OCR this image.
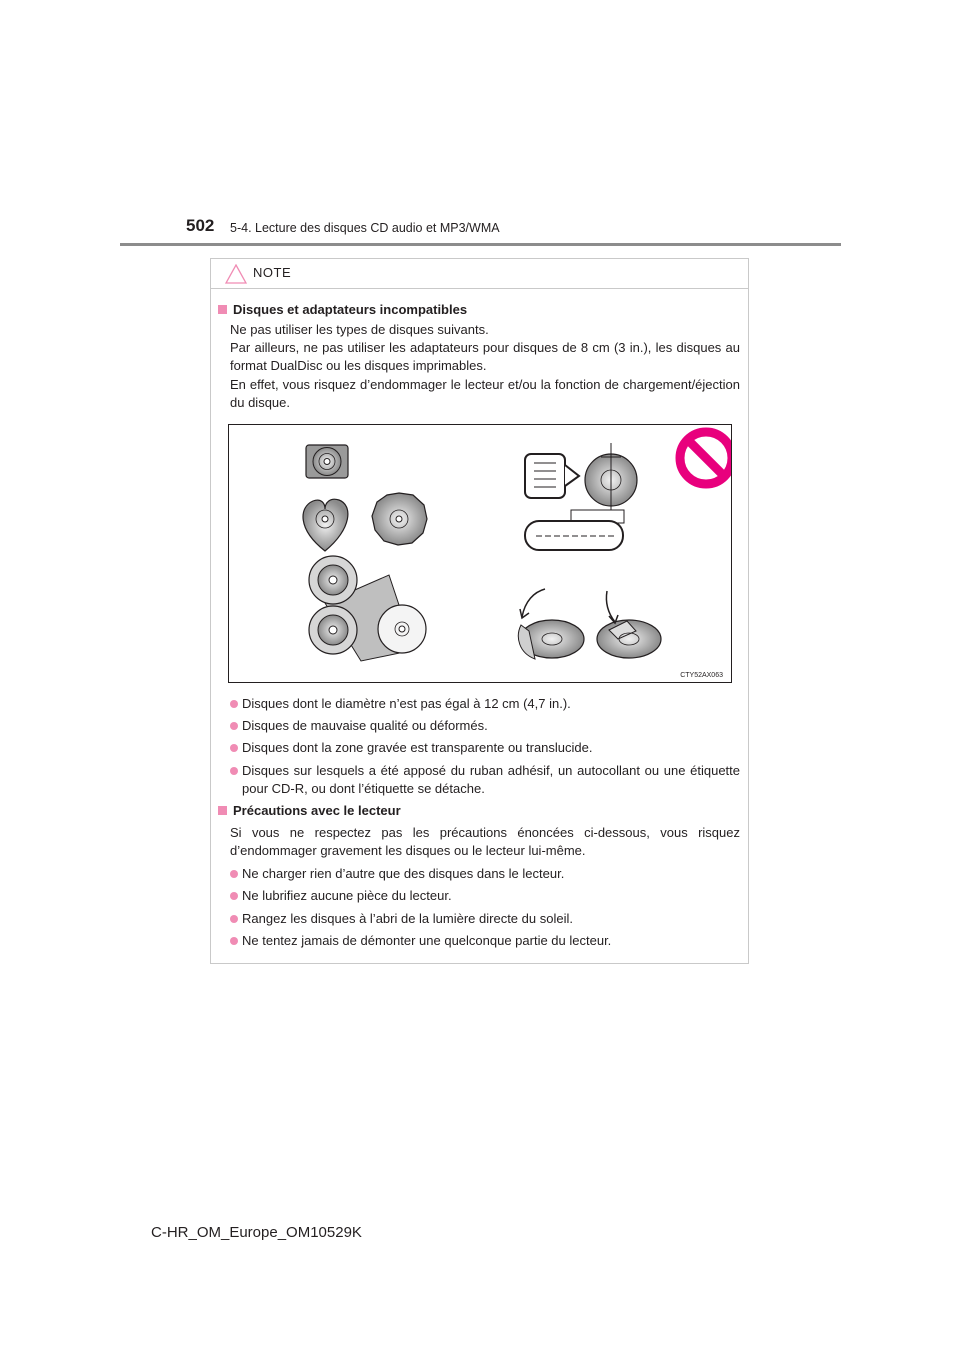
502 5-4. Lecture des disques CD audio et MP3/WMA
NOTE
Disques et adaptateurs incompatibles
Ne pas utiliser les types de disques suivants.
Par ailleurs, ne pas utiliser les adaptateurs pour disques de 8 cm (3 in.), les disques au format DualDisc ou les disques imprimables.
En effet, vous risquez d’endommager le lecteur et/ou la fonction de chargement/éjection du disque.
CTY52AX063
Disques dont le diamètre n’est pas égal à 12 cm (4,7 in.).
Disques de mauvaise qualité ou déformés.
Disques dont la zone gravée est transparente ou translucide.
Disques sur lesquels a été apposé du ruban adhésif, un autocollant ou une étiquette pour CD-R, ou dont l’étiquette se détache.
Précautions avec le lecteur
Si vous ne respectez pas les précautions énoncées ci-dessous, vous risquez d’endommager gravement les disques ou le lecteur lui-même.
Ne charger rien d’autre que des disques dans le lecteur.
Ne lubrifiez aucune pièce du lecteur.
Rangez les disques à l’abri de la lumière directe du soleil.
Ne tentez jamais de démonter une quelconque partie du lecteur.
C-HR_OM_Europe_OM10529K
